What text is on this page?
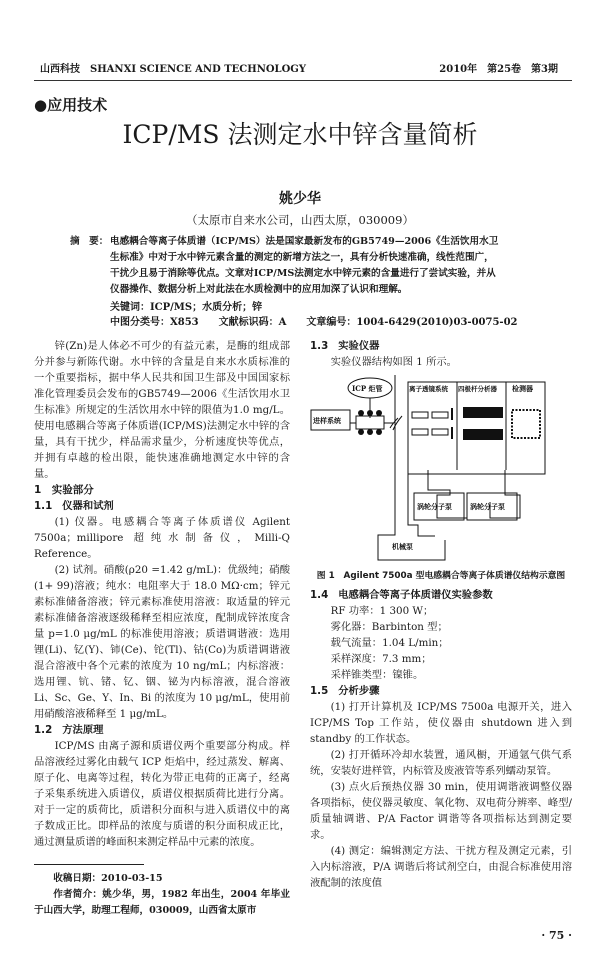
山西科技　SHANXI SCIENCE AND TECHNOLOGY	2010年　第25卷　第3期
●应用技术
ICP/MS 法测定水中锌含量简析
姚少华
（太原市自来水公司，山西太原，030009）
摘　要： 电感耦合等离子体质谱（ICP/MS）法是国家最新发布的GB5749—2006《生活饮用水卫生标准》中对于水中锌元素含量的测定的新增方法之一，具有分析快速准确，线性范围广，干扰少且易于消除等优点。文章对ICP/MS法测定水中锌元素的含量进行了尝试实验，并从仪器操作、数据分析上对此法在水质检测中的应用加深了认识和理解。
关键词：ICP/MS；水质分析；锌
中图分类号：X853 文献标识码：A 文章编号：1004-6429(2010)03-0075-02

锌(Zn)是人体必不可少的有益元素，是酶的组成部分并参与新陈代谢。水中锌的含量是自来水水质标准的一个重要指标，据中华人民共和国卫生部及中国国家标准化管理委员会发布的GB5749—2006《生活饮用水卫生标准》所规定的生活饮用水中锌的限值为1.0 mg/L。使用电感耦合等离子体质谱(ICP/MS)法测定水中锌的含量，具有干扰少，样品需求量少，分析速度快等优点，并拥有卓越的检出限，能快速准确地测定水中锌的含量。

1　实验部分

1.1 仪器和试剂

(1) 仪器。电感耦合等离子体质谱仪 Agilent 7500a；millipore 超纯水制备仪，Milli-Q Reference。

(2) 试剂。硝酸(ρ20 =1.42 g/mL)：优级纯；硝酸(1+ 99)溶液；纯水：电阻率大于 18.0 MΩ·cm；锌元素标准储备溶液；锌元素标准使用溶液：取适量的锌元素标准储备溶液逐级稀释至相应浓度，配制成锌浓度含量 p=1.0 μg/mL 的标准使用溶液；质谱调谐液：选用锂(Li)、钇(Y)、铈(Ce)、铊(Tl)、钴(Co)为质谱调谐液混合溶液中各个元素的浓度为 10 ng/mL；内标溶液：选用锂、钪、锗、钇、铟、铋为内标溶液，混合溶液 Li、Sc、Ge、Y、In、Bi 的浓度为 10 μg/mL，使用前用硝酸溶液稀释至 1 μg/mL。

1.2 方法原理

ICP/MS 由离子源和质谱仪两个重要部分构成。样品溶液经过雾化由载气 ICP 炬焰中，经过蒸发、解离、原子化、电离等过程，转化为带正电荷的正离子，经离子采集系统进入质谱仪，质谱仪根据质荷比进行分离。对于一定的质荷比，质谱积分面积与进入质谱仪中的离子数成正比。即样品的浓度与质谱的积分面积成正比，通过测量质谱的峰面积来测定样品中元素的浓度。

收稿日期：2010-03-15

作者简介：姚少华，男，1982 年出生，2004 年毕业于山西大学，助理工程师，030009，山西省太原市

1.3 实验仪器

实验仪器结构如图 1 所示。

ICP 炬管
进样系统
离子透镜系统 四极杆分析器 检测器
涡轮分子泵	涡轮分子泵
机械泵
图 1　Agilent 7500a 型电感耦合等离子体质谱仪结构示意图

1.4 电感耦合等离子体质谱仪实验参数

RF 功率：1 300 W；

雾化器：Barbinton 型；

载气流量：1.04 L/min；

采样深度：7.3 mm；

采样锥类型：镍锥。

1.5 分析步骤

(1) 打开计算机及 ICP/MS 7500a 电源开关，进入 ICP/MS Top 工作站，使仪器由 shutdown 进入到 standby 的工作状态。

(2) 打开循环冷却水装置，通风橱，开通氩气供气系统，安装好进样管，内标管及废液管等系列蠕动泵管。

(3) 点火后预热仪器 30 min，使用调谐液调整仪器各项指标，使仪器灵敏度、氧化物、双电荷分辨率、峰型/质量轴调谐、P/A Factor 调谐等各项指标达到测定要求。

(4) 测定：编辑测定方法、干扰方程及测定元素，引入内标溶液，P/A 调谐后将试剂空白，由混合标准使用溶液配制的浓度值

· 75 ·
